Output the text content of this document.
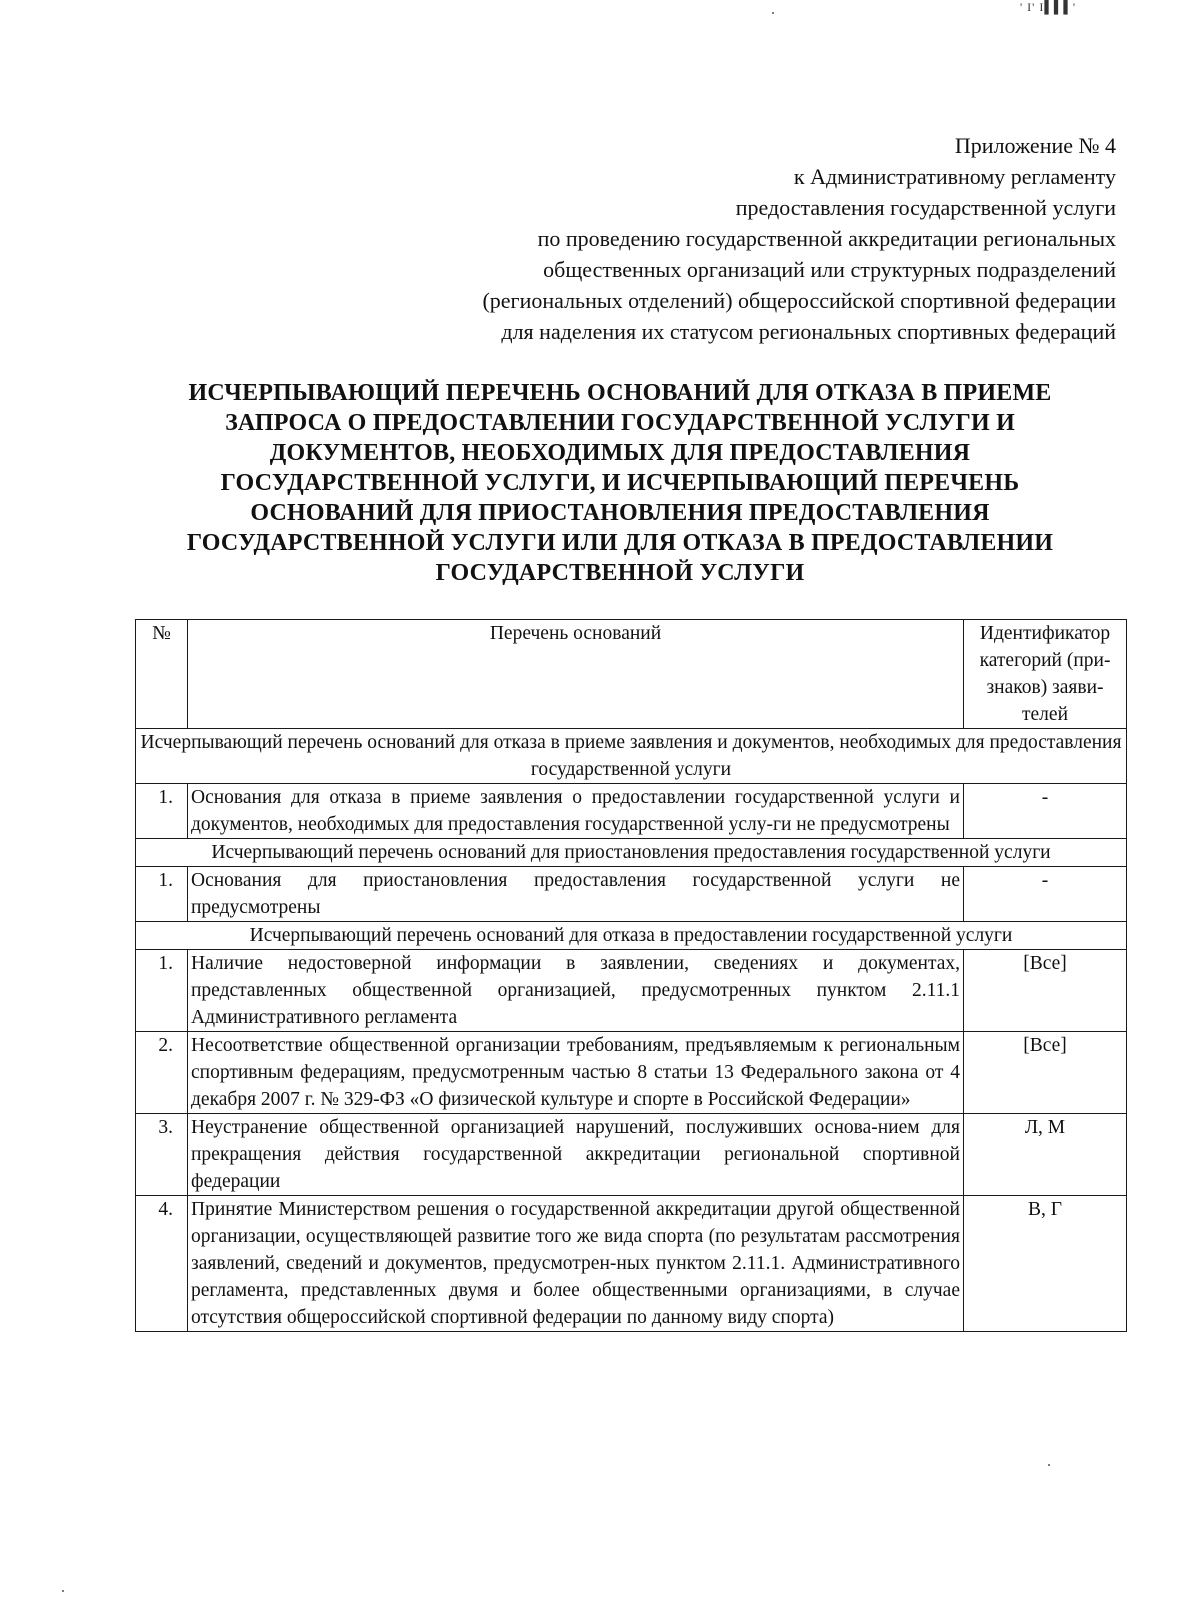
' I' I▌▌▌'
Приложение № 4
к Административному регламенту
предоставления государственной услуги
по проведению государственной аккредитации региональных
общественных организаций или структурных подразделений
(региональных отделений) общероссийской спортивной федерации
для наделения их статусом региональных спортивных федераций
ИСЧЕРПЫВАЮЩИЙ ПЕРЕЧЕНЬ ОСНОВАНИЙ ДЛЯ ОТКАЗА В ПРИЕМЕ
ЗАПРОСА О ПРЕДОСТАВЛЕНИИ ГОСУДАРСТВЕННОЙ УСЛУГИ И
ДОКУМЕНТОВ, НЕОБХОДИМЫХ ДЛЯ ПРЕДОСТАВЛЕНИЯ
ГОСУДАРСТВЕННОЙ УСЛУГИ, И ИСЧЕРПЫВАЮЩИЙ ПЕРЕЧЕНЬ
ОСНОВАНИЙ ДЛЯ ПРИОСТАНОВЛЕНИЯ ПРЕДОСТАВЛЕНИЯ
ГОСУДАРСТВЕННОЙ УСЛУГИ ИЛИ ДЛЯ ОТКАЗА В ПРЕДОСТАВЛЕНИИ
ГОСУДАРСТВЕННОЙ УСЛУГИ
№	Перечень оснований	Идентификатор категорий (при-знаков) заяви-телей
Исчерпывающий перечень оснований для отказа в приеме заявления и документов, необходимых для предоставления государственной услуги		
1.	Основания для отказа в приеме заявления о предоставлении государственной услуги и документов, необходимых для предоставления государственной услу-ги не предусмотрены	-
Исчерпывающий перечень оснований для приостановления предоставления государственной услуги		
1.	Основания для приостановления предоставления государственной услуги не предусмотрены	-
Исчерпывающий перечень оснований для отказа в предоставлении государственной услуги		
1.	Наличие недостоверной информации в заявлении, сведениях и документах, представленных общественной организацией, предусмотренных пунктом 2.11.1 Административного регламента	[Все]
2.	Несоответствие общественной организации требованиям, предъявляемым к региональным спортивным федерациям, предусмотренным частью 8 статьи 13 Федерального закона от 4 декабря 2007 г. № 329-ФЗ «О физической культуре и спорте в Российской Федерации»	[Все]
3.	Неустранение общественной организацией нарушений, послуживших основа-нием для прекращения действия государственной аккредитации региональной спортивной федерации	Л, М
4.	Принятие Министерством решения о государственной аккредитации другой общественной организации, осуществляющей развитие того же вида спорта (по результатам рассмотрения заявлений, сведений и документов, предусмотрен-ных пунктом 2.11.1. Административного регламента, представленных двумя и более общественными организациями, в случае отсутствия общероссийской спортивной федерации по данному виду спорта)	В, Г
